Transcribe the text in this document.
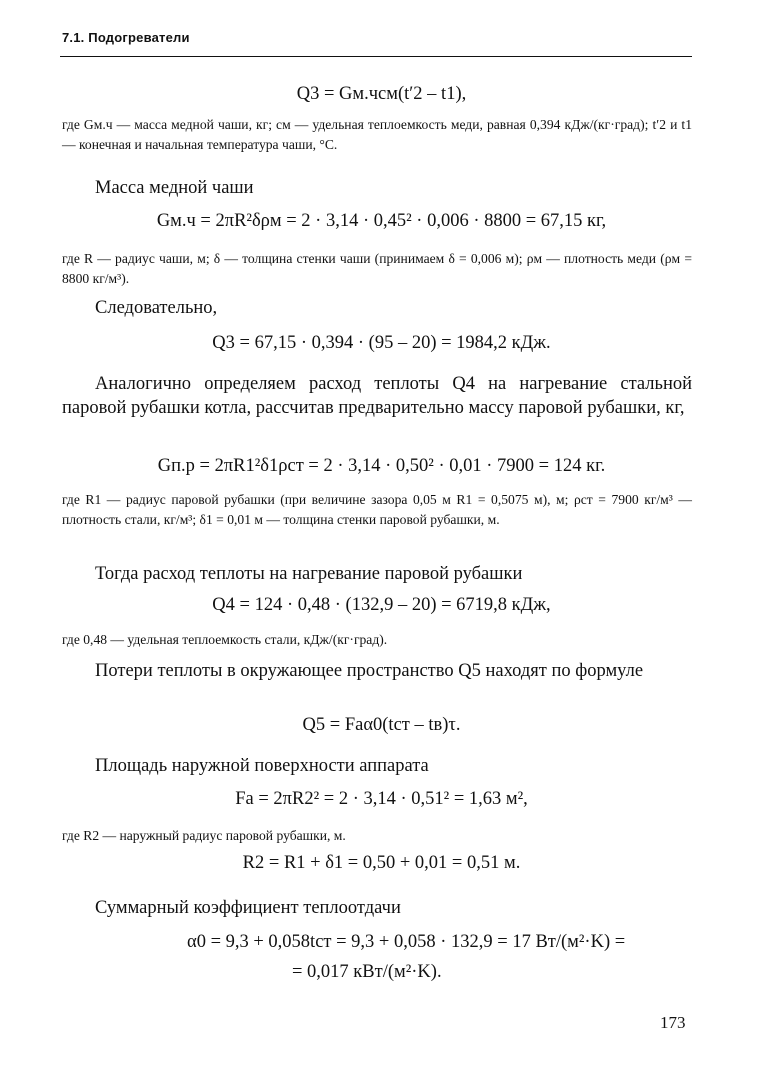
7.1. Подогреватели
Q3 = Gм.чcм(t′2 – t1),
где Gм.ч — масса медной чаши, кг; cм — удельная теплоемкость меди, равная 0,394 кДж/(кг·град); t′2 и t1 — конечная и начальная температура чаши, °С.
Масса медной чаши
Gм.ч = 2πR²δρм = 2 · 3,14 · 0,45² · 0,006 · 8800 = 67,15 кг,
где R — радиус чаши, м; δ — толщина стенки чаши (принимаем δ = 0,006 м); ρм — плотность меди (ρм = 8800 кг/м³).
Следовательно,
Q3 = 67,15 · 0,394 · (95 – 20) = 1984,2 кДж.
Аналогично определяем расход теплоты Q4 на нагревание стальной паровой рубашки котла, рассчитав предварительно массу паровой рубашки, кг,
Gп.р = 2πR1²δ1ρст = 2 · 3,14 · 0,50² · 0,01 · 7900 = 124 кг.
где R1 — радиус паровой рубашки (при величине зазора 0,05 м R1 = 0,5075 м), м; ρст = 7900 кг/м³ — плотность стали, кг/м³; δ1 = 0,01 м — толщина стенки паровой рубашки, м.
Тогда расход теплоты на нагревание паровой рубашки
Q4 = 124 · 0,48 · (132,9 – 20) = 6719,8 кДж,
где 0,48 — удельная теплоемкость стали, кДж/(кг·град).
Потери теплоты в окружающее пространство Q5 находят по формуле
Q5 = Fаα0(tст – tв)τ.
Площадь наружной поверхности аппарата
Fа = 2πR2² = 2 · 3,14 · 0,51² = 1,63 м²,
где R2 — наружный радиус паровой рубашки, м.
R2 = R1 + δ1 = 0,50 + 0,01 = 0,51 м.
Суммарный коэффициент теплоотдачи
α0 = 9,3 + 0,058tст = 9,3 + 0,058 · 132,9 = 17 Вт/(м²·K) =
= 0,017 кВт/(м²·K).
173
